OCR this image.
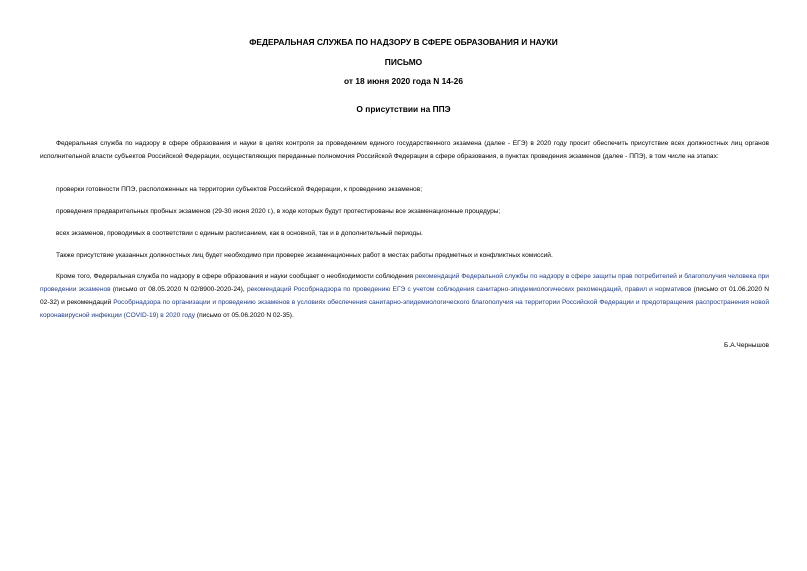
ФЕДЕРАЛЬНАЯ СЛУЖБА ПО НАДЗОРУ В СФЕРЕ ОБРАЗОВАНИЯ И НАУКИ
ПИСЬМО
от 18 июня 2020 года N 14-26
О присутствии на ППЭ
Федеральная служба по надзору в сфере образования и науки в целях контроля за проведением единого государственного экзамена (далее - ЕГЭ) в 2020 году просит обеспечить присутствие всех должностных лиц органов исполнительной власти субъектов Российской Федерации, осуществляющих переданные полномочия Российской Федерации в сфере образования, в пунктах проведения экзаменов (далее - ППЭ), в том числе на этапах:
проверки готовности ППЭ, расположенных на территории субъектов Российской Федерации, к проведению экзаменов;
проведения предварительных пробных экзаменов (29-30 июня 2020 г.), в ходе которых будут протестированы все экзаменационные процедуры;
всех экзаменов, проводимых в соответствии с единым расписанием, как в основной, так и в дополнительный периоды.
Также присутствие указанных должностных лиц будет необходимо при проверке экзаменационных работ в местах работы предметных и конфликтных комиссий.
Кроме того, Федеральная служба по надзору в сфере образования и науки сообщает о необходимости соблюдения рекомендаций Федеральной службы по надзору в сфере защиты прав потребителей и благополучия человека при проведении экзаменов (письмо от 08.05.2020 N 02/8900-2020-24), рекомендаций Рособрнадзора по проведению ЕГЭ с учетом соблюдения санитарно-эпидемиологических рекомендаций, правил и нормативов (письмо от 01.06.2020 N 02-32) и рекомендаций Рособрнадзора по организации и проведению экзаменов в условиях обеспечения санитарно-эпидемиологического благополучия на территории Российской Федерации и предотвращения распространения новой коронавирусной инфекции (COVID-19) в 2020 году (письмо от 05.06.2020 N 02-35).
Б.А.Чернышов
